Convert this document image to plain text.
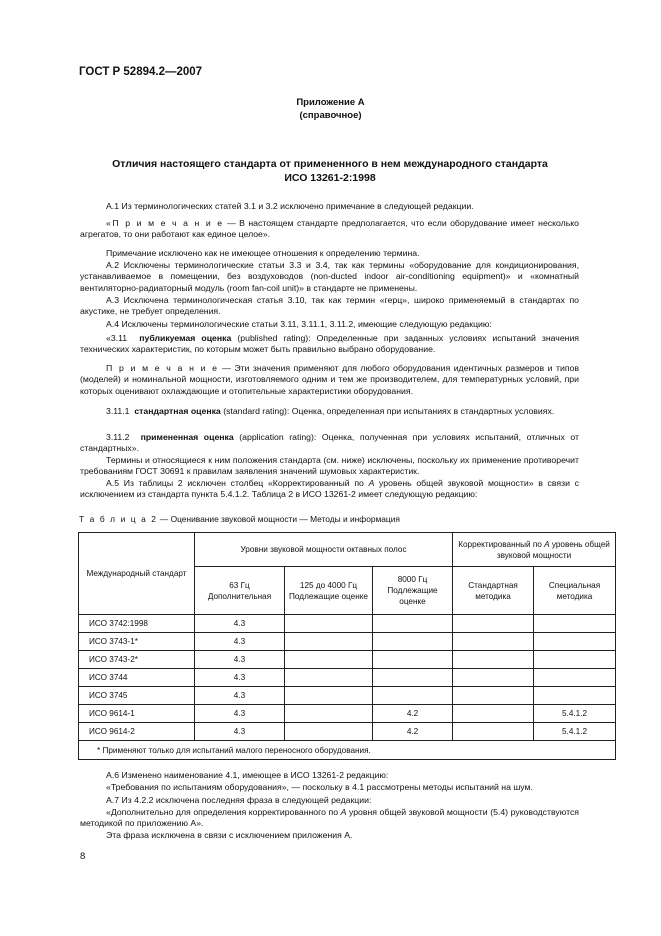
ГОСТ Р 52894.2—2007
Приложение А
(справочное)
Отличия настоящего стандарта от примененного в нем международного стандарта
ИСО 13261-2:1998

А.1 Из терминологических статей 3.1 и 3.2 исключено примечание в следующей редакции.

«П р и м е ч а н и е — В настоящем стандарте предполагается, что если оборудование имеет несколько агрегатов, то они работают как единое целое».

Примечание исключено как не имеющее отношения к определению термина.

А.2 Исключены терминологические статьи 3.3 и 3.4, так как термины «оборудование для кондиционирования, устанавливаемое в помещении, без воздуховодов (non-ducted indoor air-conditioning equipment)» и «комнатный вентиляторно-радиаторный модуль (room fan-coil unit)» в стандарте не применены.

А.3 Исключена терминологическая статья 3.10, так как термин «герц», широко применяемый в стандартах по акустике, не требует определения.

А.4 Исключены терминологические статьи 3.11, 3.11.1, 3.11.2, имеющие следующую редакцию:

«3.11 публикуемая оценка (published rating): Определенные при заданных условиях испытаний значения технических характеристик, по которым может быть правильно выбрано оборудование.

П р и м е ч а н и е — Эти значения применяют для любого оборудования идентичных размеров и типов (моделей) и номинальной мощности, изготовляемого одним и тем же производителем, для температурных условий, при которых оценивают охлаждающие и отопительные характеристики оборудования.

3.11.1 стандартная оценка (standard rating): Оценка, определенная при испытаниях в стандартных условиях.

3.11.2 примененная оценка (application rating): Оценка, полученная при условиях испытаний, отличных от стандартных».

Термины и относящиеся к ним положения стандарта (см. ниже) исключены, поскольку их применение противоречит требованиям ГОСТ 30691 к правилам заявления значений шумовых характеристик.

А.5 Из таблицы 2 исключен столбец «Корректированный по А уровень общей звуковой мощности» в связи с исключением из стандарта пункта 5.4.1.2. Таблица 2 в ИСО 13261-2 имеет следующую редакцию:

Т а б л и ц а 2 — Оценивание звуковой мощности — Методы и информация
Международный стандарт	Уровни звуковой мощности октавных полос			Корректированный по А уровень общей звуковой мощности	
	63 Гц Дополнительная	125 до 4000 Гц Подлежащие оценке	8000 Гц Подлежащие оценке	Стандартная методика	Специальная методика
ИСО 3742:1998	4.3				
ИСО 3743-1*	4.3				
ИСО 3743-2*	4.3				
ИСО 3744	4.3				
ИСО 3745	4.3				
ИСО 9614-1	4.3		4.2		5.4.1.2
ИСО 9614-2	4.3		4.2		5.4.1.2
* Применяют только для испытаний малого переносного оборудования.					

А.6 Изменено наименование 4.1, имеющее в ИСО 13261-2 редакцию:

«Требования по испытаниям оборудования», — поскольку в 4.1 рассмотрены методы испытаний на шум.

А.7 Из 4.2.2 исключена последняя фраза в следующей редакции:

«Дополнительно для определения корректированного по А уровня общей звуковой мощности (5.4) руководствуются методикой по приложению А».

Эта фраза исключена в связи с исключением приложения А.

8
